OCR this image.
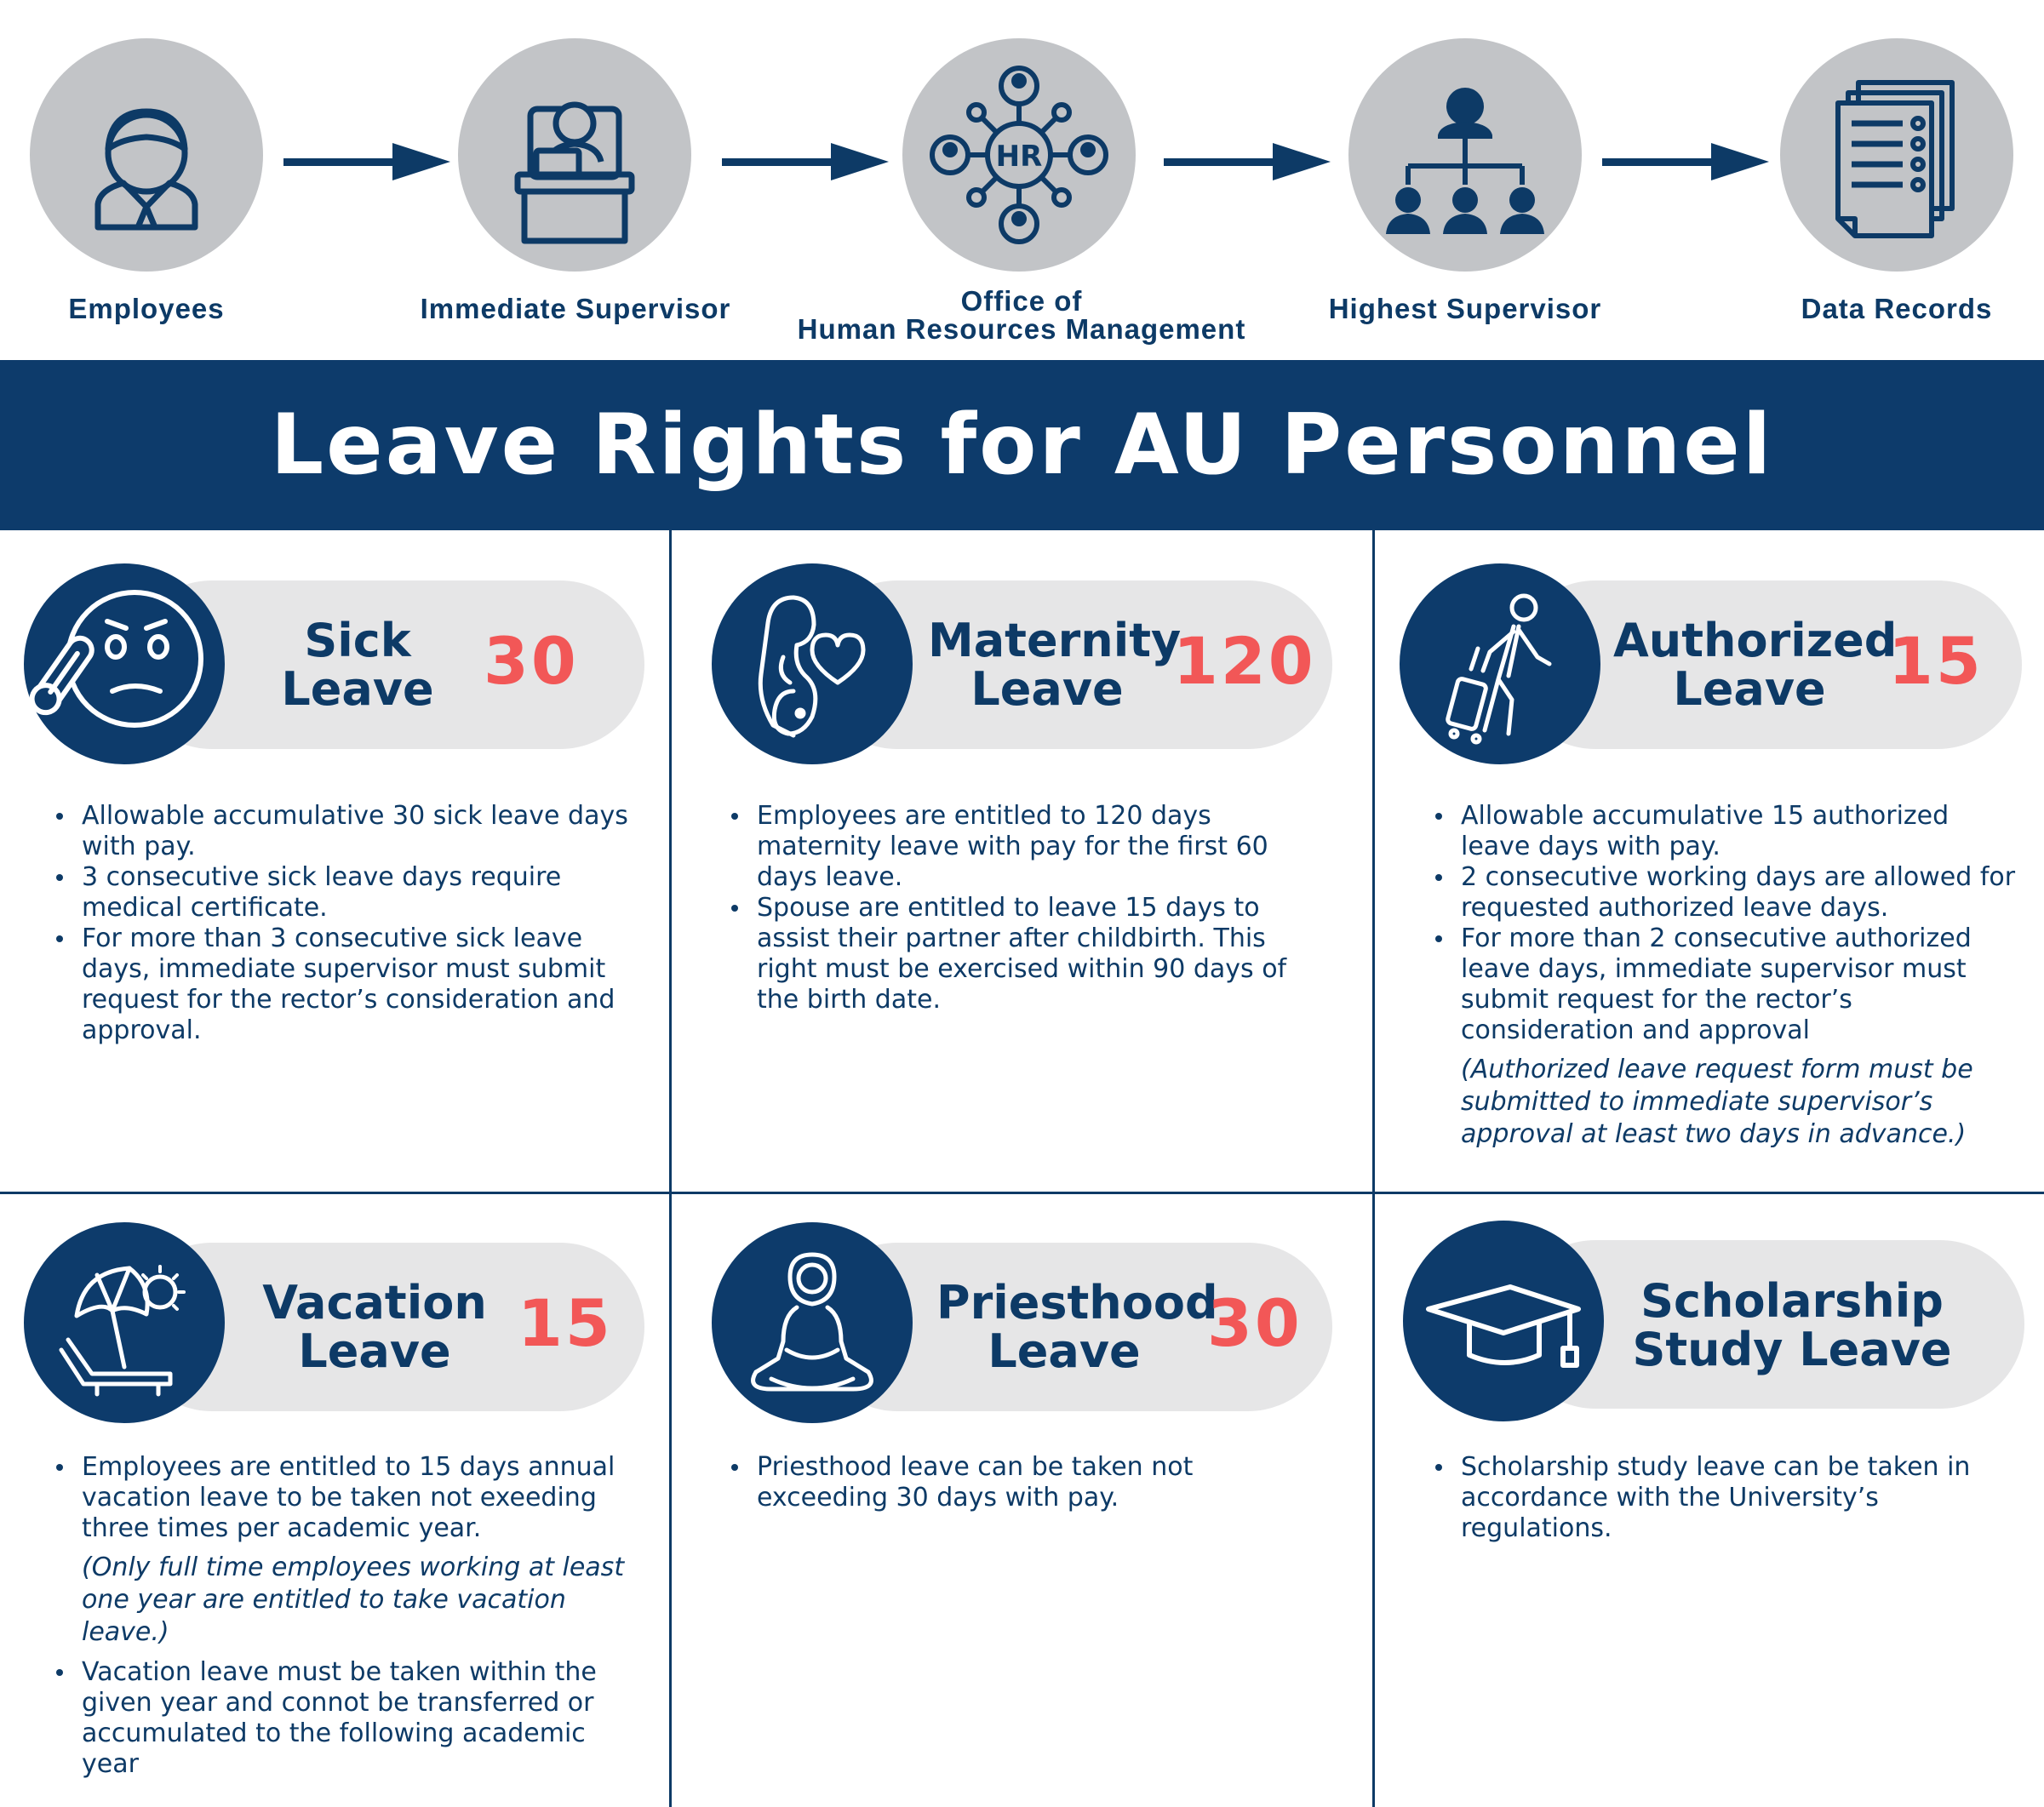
Employees	Immediate Supervisor
HR
Office of
Human Resources Management
Highest Supervisor	Data Records
Leave Rights for AU Personnel
Sick
Leave 30
Allowable accumulative 30 sick leave days with pay.
3 consecutive sick leave days require medical certificate.
For more than 3 consecutive sick leave days, immediate supervisor must submit request for the rector’s consideration and approval.
Maternity
Leave 120
Employees are entitled to 120 days maternity leave with pay for the first 60 days leave.
Spouse are entitled to leave 15 days to assist their partner after childbirth. This right must be exercised within 90 days of the birth date.
Authorized
Leave 15
Allowable accumulative 15 authorized leave days with pay.
2 consecutive working days are allowed for requested authorized leave days.
For more than 2 consecutive authorized leave days, immediate supervisor must submit request for the rector’s consideration and approval
(Authorized leave request form must be submitted to immediate supervisor’s approval at least two days in advance.)
Vacation
Leave	15
Employees are entitled to 15 days annual vacation leave to be taken not exeeding three times per academic year.
(Only full time employees working at least one year are entitled to take vacation leave.)
Vacation leave must be taken within the given year and connot be transferred or accumulated to the following academic year
Priesthood
Leave	30
Priesthood leave can be taken not exceeding 30 days with pay.
Scholarship
Study Leave
Scholarship study leave can be taken in accordance with the University’s regulations.
